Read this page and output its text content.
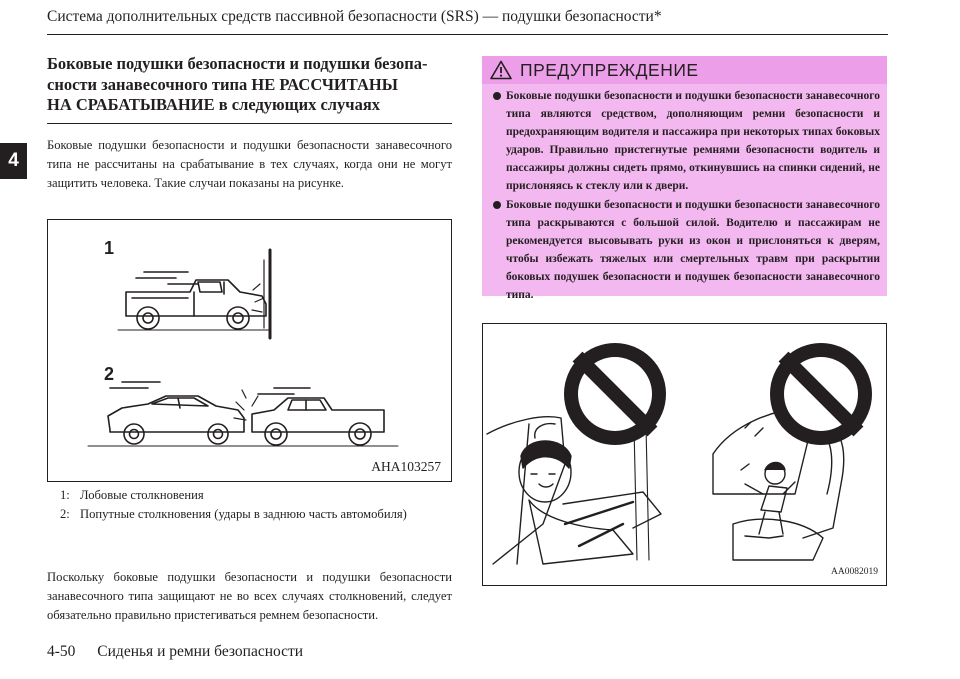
Система дополнительных средств пассивной безопасности (SRS) — подушки безопасности*
4
Боковые подушки безопасности и подушки безопа-
сности занавесочного типа НЕ РАССЧИТАНЫ
НА СРАБАТЫВАНИЕ в следующих случаях

Боковые подушки безопасности и подушки безопасности занавесочного типа не рассчитаны на срабатывание в тех случаях, когда они не могут защитить человека. Такие случаи показаны на рисунке.

1
2
AHA103257
1: Лобовые столкновения
2: Попутные столкновения (удары в заднюю часть автомобиля)

Поскольку боковые подушки безопасности и подушки безопасности занавесочного типа защищают не во всех случаях столкновений, следует обязательно правильно пристегиваться ремнем безопасности.

ПРЕДУПРЕЖДЕНИЕ
Боковые подушки безопасности и подушки безопасности занавесочного типа являются средством, дополняющим ремни безопасности и предохраняющим водителя и пассажира при некоторых типах боковых ударов. Правильно пристегнутые ремнями безопасности водитель и пассажиры должны сидеть прямо, откинувшись на спинки сидений, не прислоняясь к стеклу или к двери.
Боковые подушки безопасности и подушки безопасности занавесочного типа раскрываются с большой силой. Водителю и пассажирам не рекомендуется высовывать руки из окон и прислоняться к дверям, чтобы избежать тяжелых или смертельных травм при раскрытии боковых подушек безопасности и подушек безопасности занавесочного типа.
AA0082019
4-50 Сиденья и ремни безопасности
